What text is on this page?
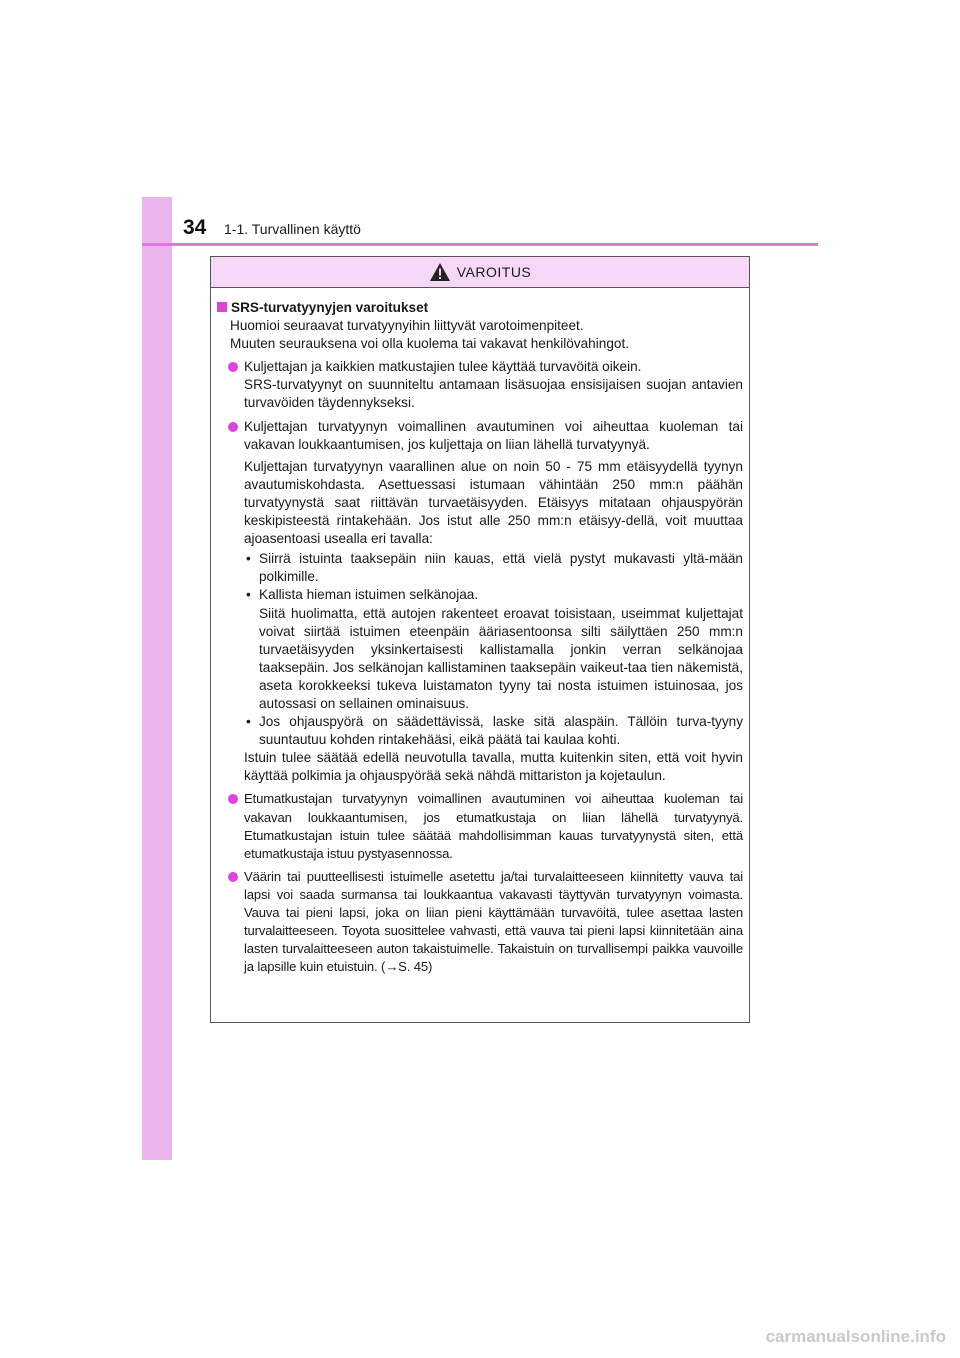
34 1-1. Turvallinen käyttö
VAROITUS
SRS-turvatyynyjen varoitukset

Huomioi seuraavat turvatyynyihin liittyvät varotoimenpiteet.

Muuten seurauksena voi olla kuolema tai vakavat henkilövahingot.

Kuljettajan ja kaikkien matkustajien tulee käyttää turvavöitä oikein.

SRS-turvatyynyt on suunniteltu antamaan lisäsuojaa ensisijaisen suojan antavien turvavöiden täydennykseksi.

Kuljettajan turvatyynyn voimallinen avautuminen voi aiheuttaa kuoleman tai vakavan loukkaantumisen, jos kuljettaja on liian lähellä turvatyynyä.

Kuljettajan turvatyynyn vaarallinen alue on noin 50 - 75 mm etäisyydellä tyynyn avautumiskohdasta. Asettuessasi istumaan vähintään 250 mm:n päähän turvatyynystä saat riittävän turvaetäisyyden. Etäisyys mitataan ohjauspyörän keskipisteestä rintakehään. Jos istut alle 250 mm:n etäisyy-dellä, voit muuttaa ajoasentoasi usealla eri tavalla:

• Siirrä istuinta taaksepäin niin kauas, että vielä pystyt mukavasti yltä-mään polkimille.
• Kallista hieman istuimen selkänojaa.
Siitä huolimatta, että autojen rakenteet eroavat toisistaan, useimmat kuljettajat voivat siirtää istuimen eteenpäin ääriasentoonsa silti säilyttäen 250 mm:n turvaetäisyyden yksinkertaisesti kallistamalla jonkin verran selkänojaa taaksepäin. Jos selkänojan kallistaminen taaksepäin vaikeut-taa tien näkemistä, aseta korokkeeksi tukeva luistamaton tyyny tai nosta istuimen istuinosaa, jos autossasi on sellainen ominaisuus.
• Jos ohjauspyörä on säädettävissä, laske sitä alaspäin. Tällöin turva-tyyny suuntautuu kohden rintakehääsi, eikä päätä tai kaulaa kohti.

Istuin tulee säätää edellä neuvotulla tavalla, mutta kuitenkin siten, että voit hyvin käyttää polkimia ja ohjauspyörää sekä nähdä mittariston ja kojetaulun.

Etumatkustajan turvatyynyn voimallinen avautuminen voi aiheuttaa kuoleman tai vakavan loukkaantumisen, jos etumatkustaja on liian lähellä turvatyynyä. Etumatkustajan istuin tulee säätää mahdollisimman kauas turvatyynystä siten, että etumatkustaja istuu pystyasennossa.

Väärin tai puutteellisesti istuimelle asetettu ja/tai turvalaitteeseen kiinnitetty vauva tai lapsi voi saada surmansa tai loukkaantua vakavasti täyttyvän turvatyynyn voimasta. Vauva tai pieni lapsi, joka on liian pieni käyttämään turvavöitä, tulee asettaa lasten turvalaitteeseen. Toyota suosittelee vahvasti, että vauva tai pieni lapsi kiinnitetään aina lasten turvalaitteeseen auton takaistuimelle. Takaistuin on turvallisempi paikka vauvoille ja lapsille kuin etuistuin. (→S. 45)

carmanualsonline.info
